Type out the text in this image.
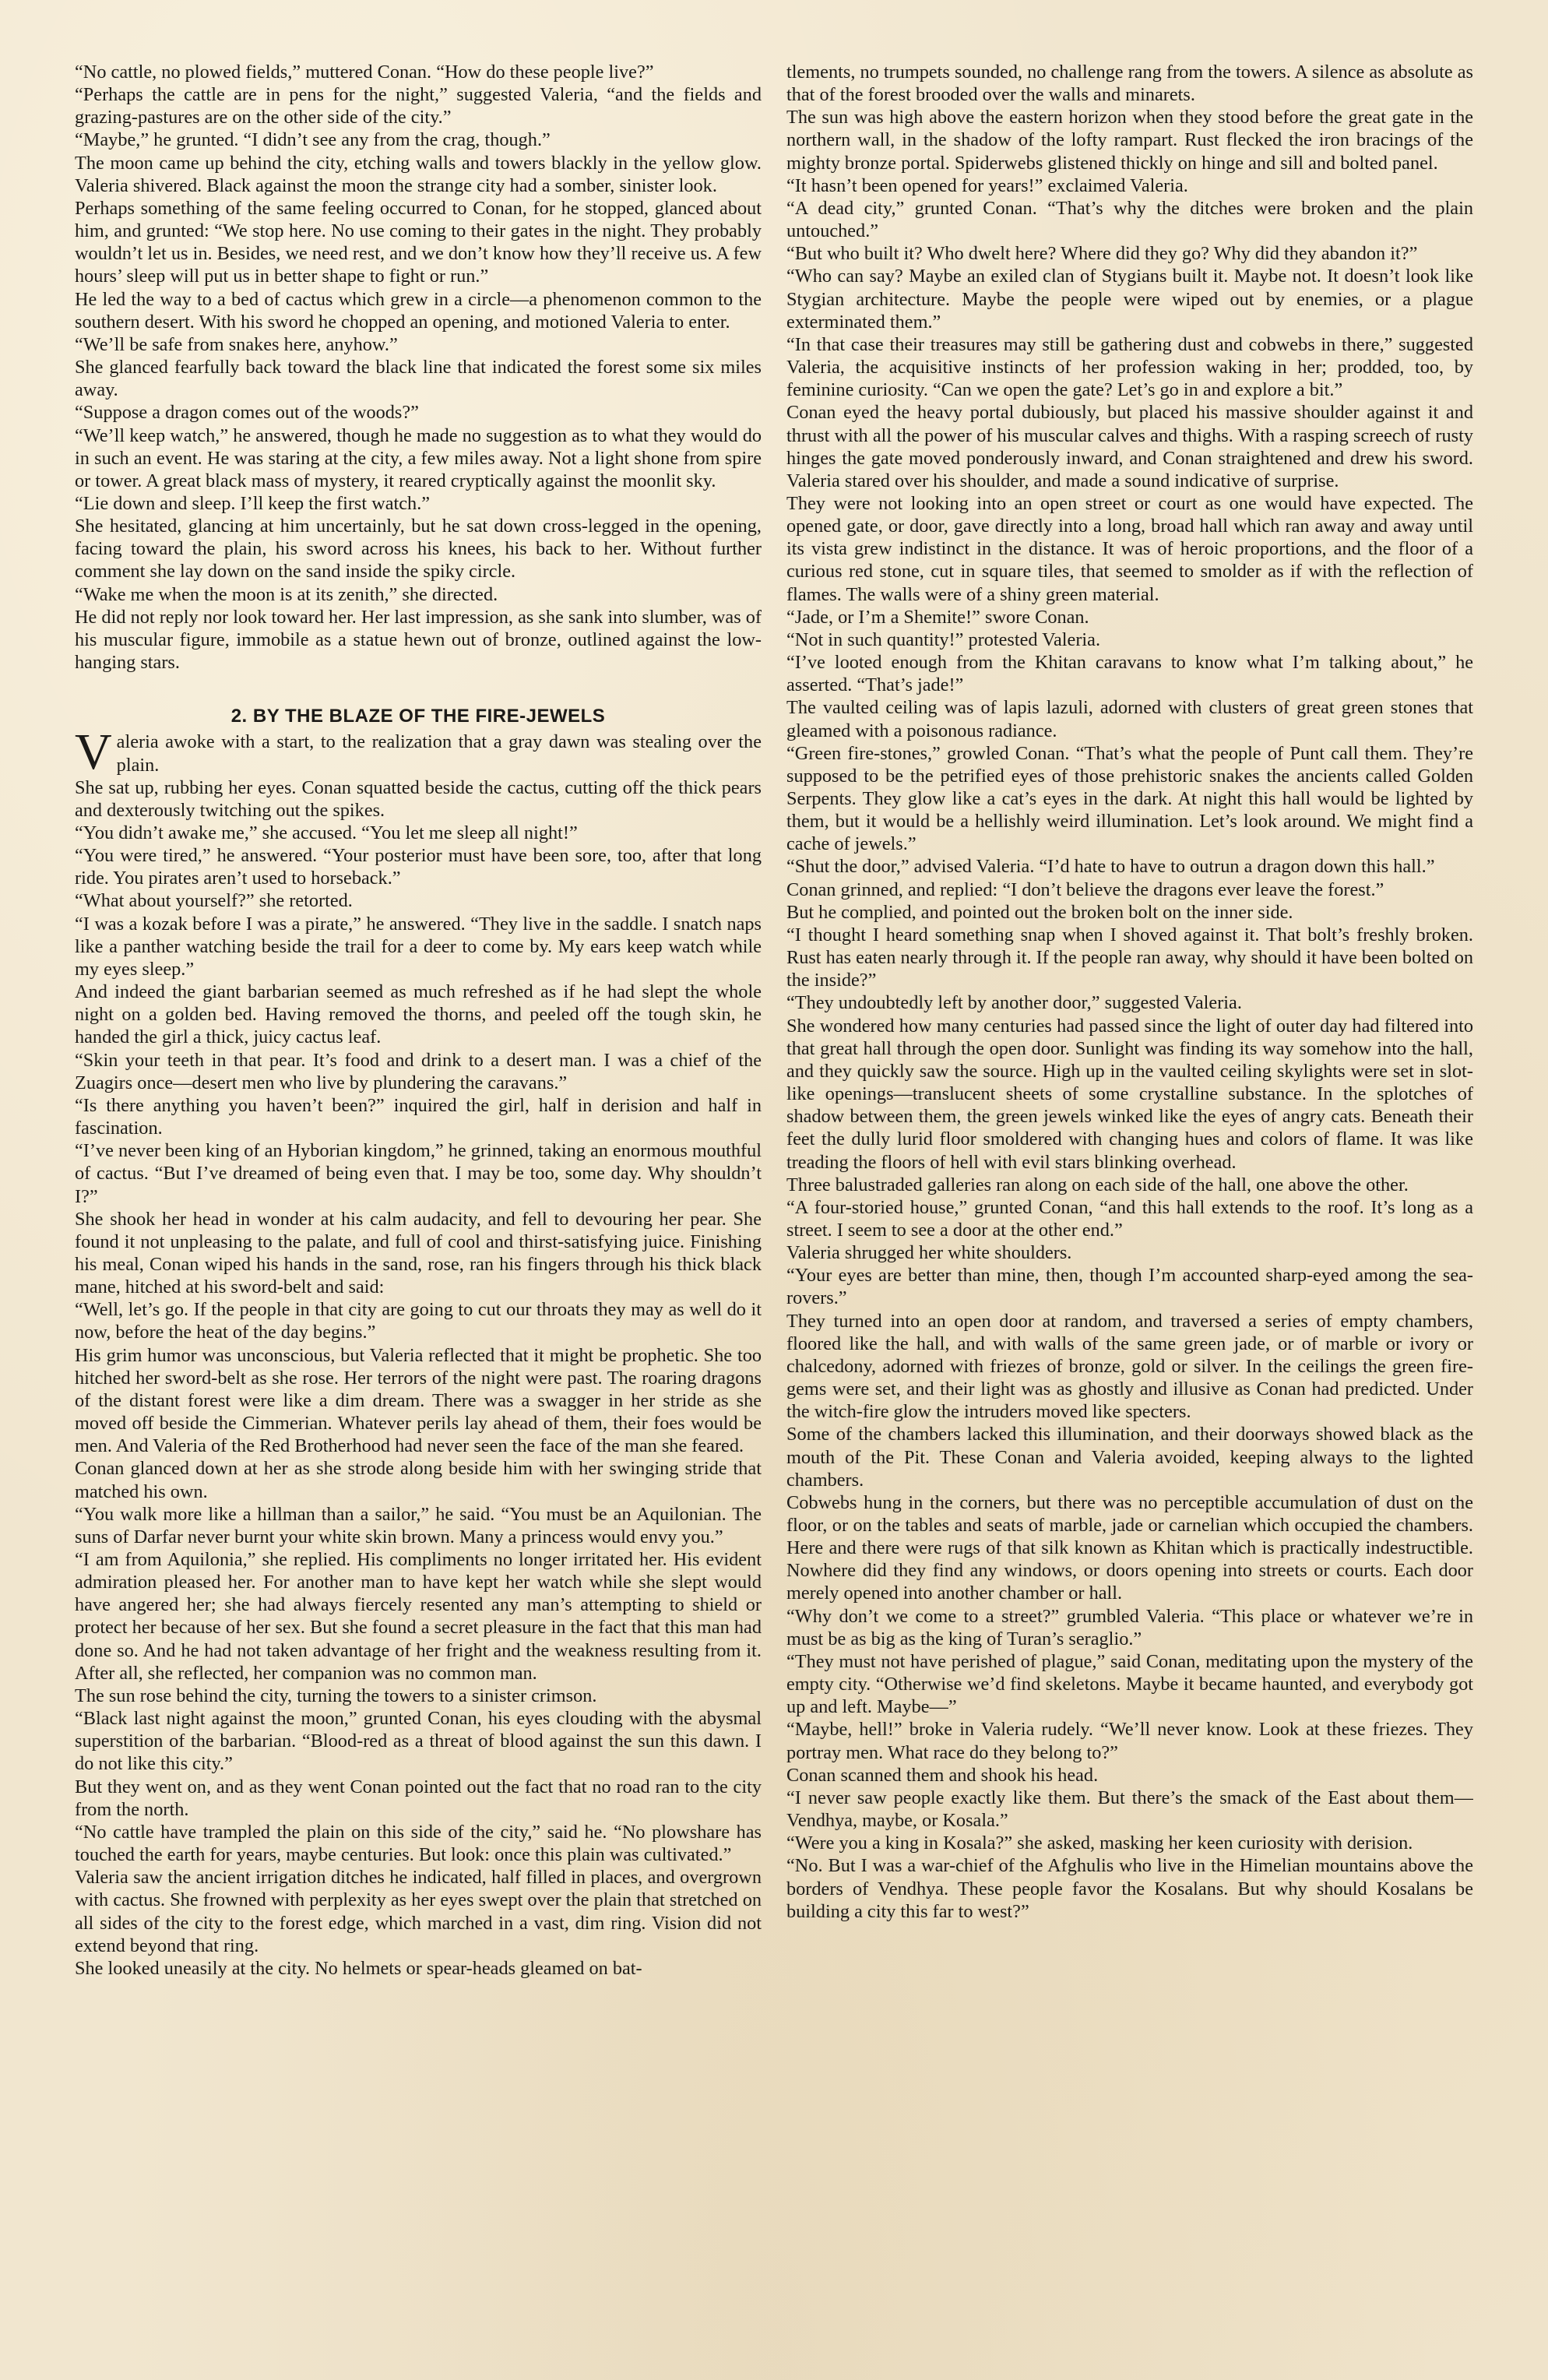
“No cattle, no plowed fields,” muttered Conan. “How do these people live?”

“Perhaps the cattle are in pens for the night,” suggested Valeria, “and the fields and grazing-pastures are on the other side of the city.”

“Maybe,” he grunted. “I didn’t see any from the crag, though.”

The moon came up behind the city, etching walls and towers blackly in the yellow glow. Valeria shivered. Black against the moon the strange city had a somber, sinister look.

Perhaps something of the same feeling occurred to Conan, for he stopped, glanced about him, and grunted: “We stop here. No use coming to their gates in the night. They probably wouldn’t let us in. Besides, we need rest, and we don’t know how they’ll receive us. A few hours’ sleep will put us in better shape to fight or run.”

He led the way to a bed of cactus which grew in a circle—a phenomenon common to the southern desert. With his sword he chopped an opening, and motioned Valeria to enter.

“We’ll be safe from snakes here, anyhow.”

She glanced fearfully back toward the black line that indicated the forest some six miles away.

“Suppose a dragon comes out of the woods?”

“We’ll keep watch,” he answered, though he made no suggestion as to what they would do in such an event. He was staring at the city, a few miles away. Not a light shone from spire or tower. A great black mass of mystery, it reared cryptically against the moonlit sky.

“Lie down and sleep. I’ll keep the first watch.”

She hesitated, glancing at him uncertainly, but he sat down cross-legged in the opening, facing toward the plain, his sword across his knees, his back to her. Without further comment she lay down on the sand inside the spiky circle.

“Wake me when the moon is at its zenith,” she directed.

He did not reply nor look toward her. Her last impression, as she sank into slumber, was of his muscular figure, immobile as a statue hewn out of bronze, outlined against the low-hanging stars.

2. BY THE BLAZE OF THE FIRE-JEWELS

Valeria awoke with a start, to the realization that a gray dawn was stealing over the plain.

She sat up, rubbing her eyes. Conan squatted beside the cactus, cutting off the thick pears and dexterously twitching out the spikes.

“You didn’t awake me,” she accused. “You let me sleep all night!”

“You were tired,” he answered. “Your posterior must have been sore, too, after that long ride. You pirates aren’t used to horseback.”

“What about yourself?” she retorted.

“I was a kozak before I was a pirate,” he answered. “They live in the saddle. I snatch naps like a panther watching beside the trail for a deer to come by. My ears keep watch while my eyes sleep.”

And indeed the giant barbarian seemed as much refreshed as if he had slept the whole night on a golden bed. Having removed the thorns, and peeled off the tough skin, he handed the girl a thick, juicy cactus leaf.

“Skin your teeth in that pear. It’s food and drink to a desert man. I was a chief of the Zuagirs once—desert men who live by plundering the caravans.”

“Is there anything you haven’t been?” inquired the girl, half in derision and half in fascination.

“I’ve never been king of an Hyborian kingdom,” he grinned, taking an enormous mouthful of cactus. “But I’ve dreamed of being even that. I may be too, some day. Why shouldn’t I?”

She shook her head in wonder at his calm audacity, and fell to devouring her pear. She found it not unpleasing to the palate, and full of cool and thirst-satisfying juice. Finishing his meal, Conan wiped his hands in the sand, rose, ran his fingers through his thick black mane, hitched at his sword-belt and said:

“Well, let’s go. If the people in that city are going to cut our throats they may as well do it now, before the heat of the day begins.”

His grim humor was unconscious, but Valeria reflected that it might be prophetic. She too hitched her sword-belt as she rose. Her terrors of the night were past. The roaring dragons of the distant forest were like a dim dream. There was a swagger in her stride as she moved off beside the Cimmerian. Whatever perils lay ahead of them, their foes would be men. And Valeria of the Red Brotherhood had never seen the face of the man she feared.

Conan glanced down at her as she strode along beside him with her swinging stride that matched his own.

“You walk more like a hillman than a sailor,” he said. “You must be an Aquilonian. The suns of Darfar never burnt your white skin brown. Many a princess would envy you.”

“I am from Aquilonia,” she replied. His compliments no longer irritated her. His evident admiration pleased her. For another man to have kept her watch while she slept would have angered her; she had always fiercely resented any man’s attempting to shield or protect her because of her sex. But she found a secret pleasure in the fact that this man had done so. And he had not taken advantage of her fright and the weakness resulting from it. After all, she reflected, her companion was no common man.

The sun rose behind the city, turning the towers to a sinister crimson.

“Black last night against the moon,” grunted Conan, his eyes clouding with the abysmal superstition of the barbarian. “Blood-red as a threat of blood against the sun this dawn. I do not like this city.”

But they went on, and as they went Conan pointed out the fact that no road ran to the city from the north.

“No cattle have trampled the plain on this side of the city,” said he. “No plowshare has touched the earth for years, maybe centuries. But look: once this plain was cultivated.”

Valeria saw the ancient irrigation ditches he indicated, half filled in places, and overgrown with cactus. She frowned with perplexity as her eyes swept over the plain that stretched on all sides of the city to the forest edge, which marched in a vast, dim ring. Vision did not extend beyond that ring.

She looked uneasily at the city. No helmets or spear-heads gleamed on bat-

tlements, no trumpets sounded, no challenge rang from the towers. A silence as absolute as that of the forest brooded over the walls and minarets.

The sun was high above the eastern horizon when they stood before the great gate in the northern wall, in the shadow of the lofty rampart. Rust flecked the iron bracings of the mighty bronze portal. Spiderwebs glistened thickly on hinge and sill and bolted panel.

“It hasn’t been opened for years!” exclaimed Valeria.

“A dead city,” grunted Conan. “That’s why the ditches were broken and the plain untouched.”

“But who built it? Who dwelt here? Where did they go? Why did they abandon it?”

“Who can say? Maybe an exiled clan of Stygians built it. Maybe not. It doesn’t look like Stygian architecture. Maybe the people were wiped out by enemies, or a plague exterminated them.”

“In that case their treasures may still be gathering dust and cobwebs in there,” suggested Valeria, the acquisitive instincts of her profession waking in her; prodded, too, by feminine curiosity. “Can we open the gate? Let’s go in and explore a bit.”

Conan eyed the heavy portal dubiously, but placed his massive shoulder against it and thrust with all the power of his muscular calves and thighs. With a rasping screech of rusty hinges the gate moved ponderously inward, and Conan straightened and drew his sword. Valeria stared over his shoulder, and made a sound indicative of surprise.

They were not looking into an open street or court as one would have expected. The opened gate, or door, gave directly into a long, broad hall which ran away and away until its vista grew indistinct in the distance. It was of heroic proportions, and the floor of a curious red stone, cut in square tiles, that seemed to smolder as if with the reflection of flames. The walls were of a shiny green material.

“Jade, or I’m a Shemite!” swore Conan.

“Not in such quantity!” protested Valeria.

“I’ve looted enough from the Khitan caravans to know what I’m talking about,” he asserted. “That’s jade!”

The vaulted ceiling was of lapis lazuli, adorned with clusters of great green stones that gleamed with a poisonous radiance.

“Green fire-stones,” growled Conan. “That’s what the people of Punt call them. They’re supposed to be the petrified eyes of those prehistoric snakes the ancients called Golden Serpents. They glow like a cat’s eyes in the dark. At night this hall would be lighted by them, but it would be a hellishly weird illumination. Let’s look around. We might find a cache of jewels.”

“Shut the door,” advised Valeria. “I’d hate to have to outrun a dragon down this hall.”

Conan grinned, and replied: “I don’t believe the dragons ever leave the forest.”

But he complied, and pointed out the broken bolt on the inner side.

“I thought I heard something snap when I shoved against it. That bolt’s freshly broken. Rust has eaten nearly through it. If the people ran away, why should it have been bolted on the inside?”

“They undoubtedly left by another door,” suggested Valeria.

She wondered how many centuries had passed since the light of outer day had filtered into that great hall through the open door. Sunlight was finding its way somehow into the hall, and they quickly saw the source. High up in the vaulted ceiling skylights were set in slot-like openings—translucent sheets of some crystalline substance. In the splotches of shadow between them, the green jewels winked like the eyes of angry cats. Beneath their feet the dully lurid floor smoldered with changing hues and colors of flame. It was like treading the floors of hell with evil stars blinking overhead.

Three balustraded galleries ran along on each side of the hall, one above the other.

“A four-storied house,” grunted Conan, “and this hall extends to the roof. It’s long as a street. I seem to see a door at the other end.”

Valeria shrugged her white shoulders.

“Your eyes are better than mine, then, though I’m accounted sharp-eyed among the sea-rovers.”

They turned into an open door at random, and traversed a series of empty chambers, floored like the hall, and with walls of the same green jade, or of marble or ivory or chalcedony, adorned with friezes of bronze, gold or silver. In the ceilings the green fire-gems were set, and their light was as ghostly and illusive as Conan had predicted. Under the witch-fire glow the intruders moved like specters.

Some of the chambers lacked this illumination, and their doorways showed black as the mouth of the Pit. These Conan and Valeria avoided, keeping always to the lighted chambers.

Cobwebs hung in the corners, but there was no perceptible accumulation of dust on the floor, or on the tables and seats of marble, jade or carnelian which occupied the chambers. Here and there were rugs of that silk known as Khitan which is practically indestructible. Nowhere did they find any windows, or doors opening into streets or courts. Each door merely opened into another chamber or hall.

“Why don’t we come to a street?” grumbled Valeria. “This place or whatever we’re in must be as big as the king of Turan’s seraglio.”

“They must not have perished of plague,” said Conan, meditating upon the mystery of the empty city. “Otherwise we’d find skeletons. Maybe it became haunted, and everybody got up and left. Maybe—”

“Maybe, hell!” broke in Valeria rudely. “We’ll never know. Look at these friezes. They portray men. What race do they belong to?”

Conan scanned them and shook his head.

“I never saw people exactly like them. But there’s the smack of the East about them—Vendhya, maybe, or Kosala.”

“Were you a king in Kosala?” she asked, masking her keen curiosity with derision.

“No. But I was a war-chief of the Afghulis who live in the Himelian mountains above the borders of Vendhya. These people favor the Kosalans. But why should Kosalans be building a city this far to west?”
